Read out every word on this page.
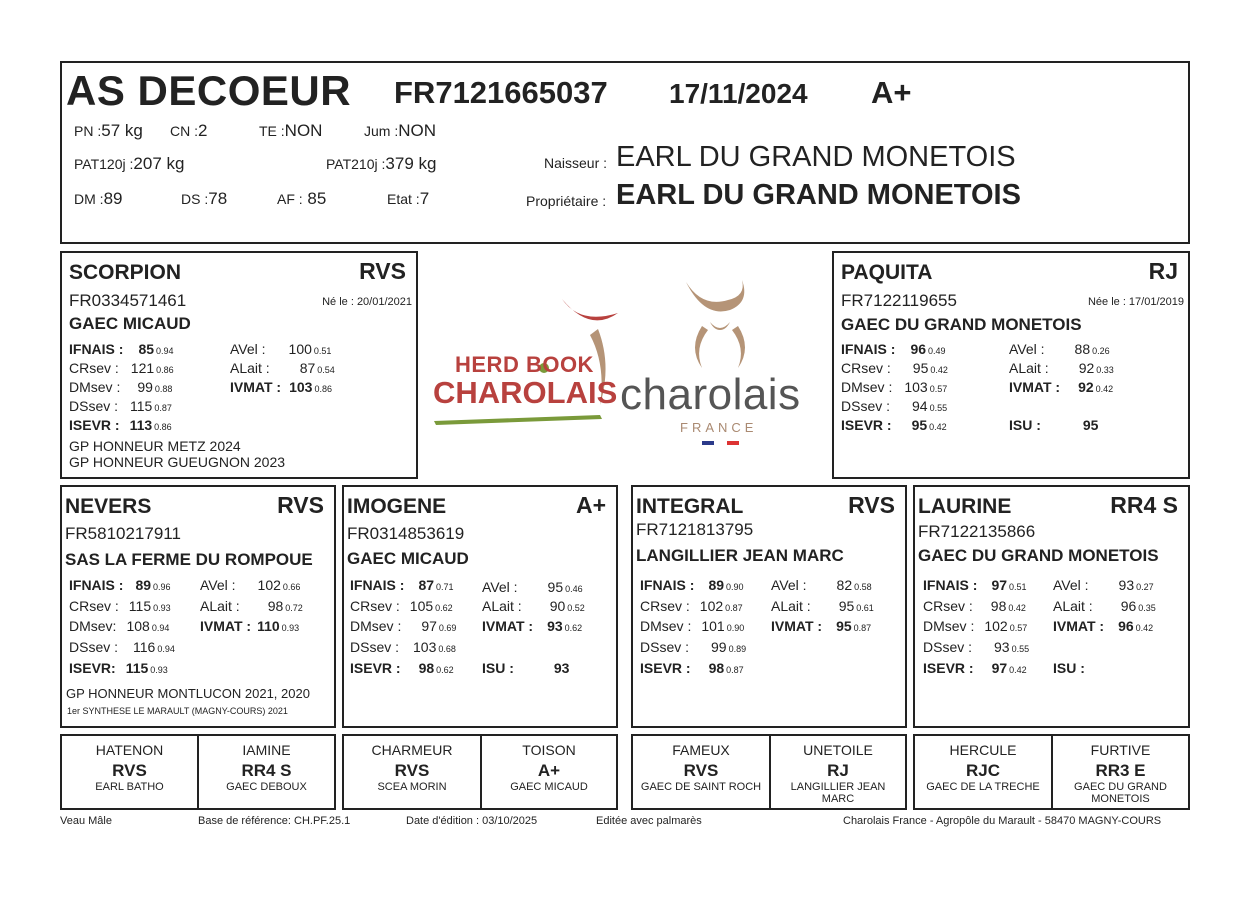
AS DECOEUR FR7121665037 17/11/2024 A+
PN :57 kg CN :2	TE :NON	Jum :NON
PAT120j :207 kg	PAT210j :379 kg
DM :89	DS :78	AF : 85	Etat :7
Naisseur : EARL DU GRAND MONETOIS
Propriétaire : EARL DU GRAND MONETOIS
HERD BOOK
CHAROLAIS charolais
FRANCE
SCORPION	RVS
FR0334571461	Né le : 20/01/2021
GAEC MICAUD
IFNAIS : 85 0.94
CRsev : 121 0.86
DMsev : 99 0.88
DSsev : 115 0.87
ISEVR : 113 0.86
AVel : 100 0.51
ALait : 87 0.54
IVMAT : 103 0.86
GP HONNEUR METZ 2024
GP HONNEUR GUEUGNON 2023
PAQUITA	RJ
FR7122119655	Née le : 17/01/2019
GAEC DU GRAND MONETOIS
IFNAIS : 96 0.49
CRsev : 95 0.42
DMsev : 103 0.57
DSsev : 94 0.55
ISEVR : 95 0.42
AVel : 88 0.26
ALait : 92 0.33
IVMAT : 92 0.42
ISU :	95
NEVERS	RVS
FR5810217911
SAS LA FERME DU ROMPOUE
IFNAIS : 89 0.96
CRsev : 115 0.93
DMsev: 108 0.94
DSsev : 116 0.94
ISEVR: 115 0.93
AVel : 102 0.66
ALait : 98 0.72
IVMAT : 110 0.93
GP HONNEUR MONTLUCON 2021, 2020
1er SYNTHESE LE MARAULT (MAGNY-COURS) 2021
IMOGENE	A+
FR0314853619
GAEC MICAUD
IFNAIS : 87 0.71
CRsev : 105 0.62
DMsev : 97 0.69
DSsev : 103 0.68
ISEVR : 98 0.62
AVel : 95 0.46
ALait : 90 0.52
IVMAT : 93 0.62
ISU :	93
INTEGRAL	RVS
FR7121813795
LANGILLIER JEAN MARC
IFNAIS : 89 0.90
CRsev : 102 0.87
DMsev : 101 0.90
DSsev : 99 0.89
ISEVR : 98 0.87
AVel : 82 0.58
ALait : 95 0.61
IVMAT : 95 0.87
LAURINE	RR4 S
FR7122135866
GAEC DU GRAND MONETOIS
IFNAIS : 97 0.51
CRsev : 98 0.42
DMsev : 102 0.57
DSsev : 93 0.55
ISEVR : 97 0.42
AVel : 93 0.27
ALait : 96 0.35
IVMAT : 96 0.42
ISU :
HATENON
RVS
EARL BATHO
IAMINE
RR4 S
GAEC DEBOUX
CHARMEUR
RVS
SCEA MORIN
TOISON
A+
GAEC MICAUD
FAMEUX
RVS
GAEC DE SAINT ROCH
UNETOILE
RJ
LANGILLIER JEAN MARC
HERCULE
RJC
GAEC DE LA TRECHE
FURTIVE
RR3 E
GAEC DU GRAND MONETOIS
Veau Mâle	Base de référence: CH.PF.25.1	Date d'édition : 03/10/2025	Editée avec palmarès	Charolais France - Agropôle du Marault - 58470 MAGNY-COURS
